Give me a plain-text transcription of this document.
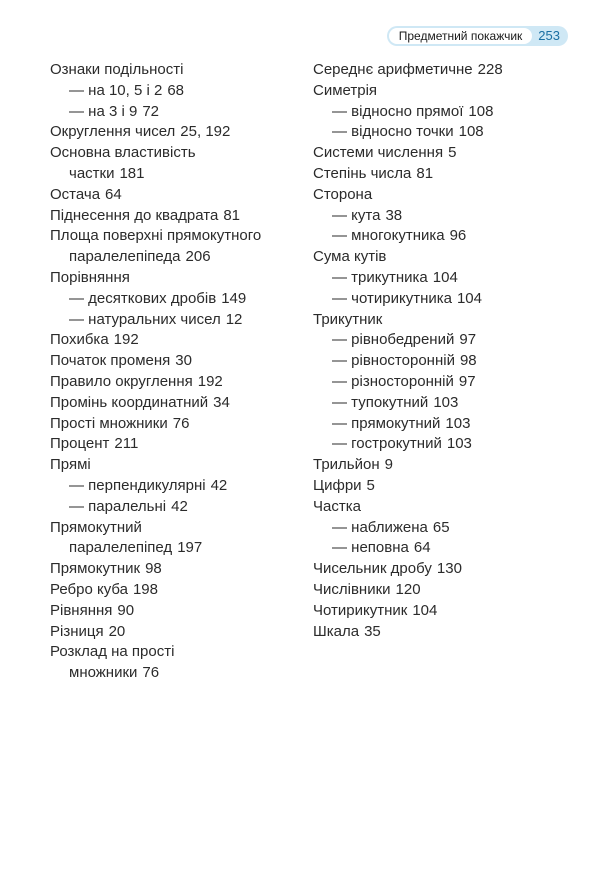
Предметний покажчик	253
Ознаки подільності
— на 10, 5 і 2 68
— на 3 і 9 72
Округлення чисел 25, 192
Основна властивість
частки 181
Остача 64
Піднесення до квадрата 81
Площа поверхні прямокутного
паралелепіпеда 206
Порівняння
— десяткових дробів 149
— натуральних чисел 12
Похибка 192
Початок променя 30
Правило округлення 192
Промінь координатний 34
Прості множники 76
Процент 211
Прямі
— перпендикулярні 42
— паралельні 42
Прямокутний
паралелепіпед 197
Прямокутник 98
Ребро куба 198
Рівняння 90
Різниця 20
Розклад на прості
множники 76
Середнє арифметичне 228
Симетрія
— відносно прямої 108
— відносно точки 108
Системи числення 5
Степінь числа 81
Сторона
— кута 38
— многокутника 96
Сума кутів
— трикутника 104
— чотирикутника 104
Трикутник
— рівнобедрений 97
— рівносторонній 98
— різносторонній 97
— тупокутний 103
— прямокутний 103
— гострокутний 103
Трильйон 9
Цифри 5
Частка
— наближена 65
— неповна 64
Чисельник дробу 130
Числівники 120
Чотирикутник 104
Шкала 35
